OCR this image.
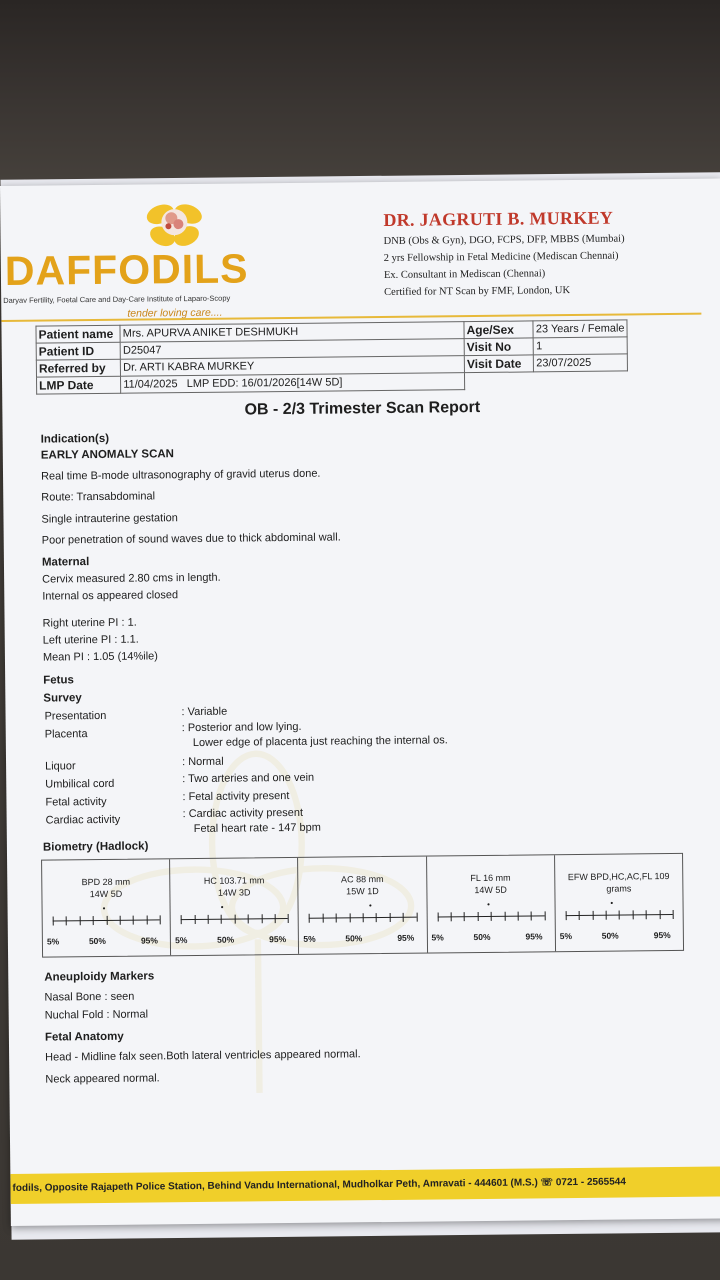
DAFFODILS
Daryav Fertility, Foetal Care and Day-Care Institute of Laparo-Scopy
tender loving care....
DR. JAGRUTI B. MURKEY
DNB (Obs & Gyn), DGO, FCPS, DFP, MBBS (Mumbai)
2 yrs Fellowship in Fetal Medicine (Mediscan Chennai)
Ex. Consultant in Mediscan (Chennai)
Certified for NT Scan by FMF, London, UK
Patient name	Mrs. APURVA ANIKET DESHMUKH	Age/Sex	23 Years / Female
Patient ID	D25047	Visit No	1
Referred by	Dr. ARTI KABRA MURKEY	Visit Date	23/07/2025
LMP Date	11/04/2025 LMP EDD: 16/01/2026[14W 5D]		
OB - 2/3 Trimester Scan Report
Indication(s)
EARLY ANOMALY SCAN
Real time B-mode ultrasonography of gravid uterus done.
Route: Transabdominal
Single intrauterine gestation
Poor penetration of sound waves due to thick abdominal wall.
Maternal
Cervix measured 2.80 cms in length.
Internal os appeared closed
Right uterine PI : 1.
Left uterine PI : 1.1.
Mean PI : 1.05 (14%ile)
Fetus
Survey
Presentation	: Variable
Placenta
: Posterior and low lying.
Lower edge of placenta just reaching the internal os.
Liquor	: Normal
Umbilical cord	: Two arteries and one vein
Fetal activity	: Fetal activity present
Cardiac activity	: Cardiac activity present
Fetal heart rate - 147 bpm
Biometry (Hadlock)
BPD 28 mm
14W 5D
•
5%	50%	95%
HC 103.71 mm
14W 3D
•
5%	50%	95%
AC 88 mm
15W 1D
•
5%	50%	95%
FL 16 mm
14W 5D
•
5%	50%	95%
EFW BPD,HC,AC,FL 109
grams
•
5%	50%	95%
Aneuploidy Markers
Nasal Bone : seen
Nuchal Fold : Normal
Fetal Anatomy
Head - Midline falx seen.Both lateral ventricles appeared normal.
Neck appeared normal.
fodils, Opposite Rajapeth Police Station, Behind Vandu International, Mudholkar Peth, Amravati - 444601 (M.S.) ☏ 0721 - 2565544
